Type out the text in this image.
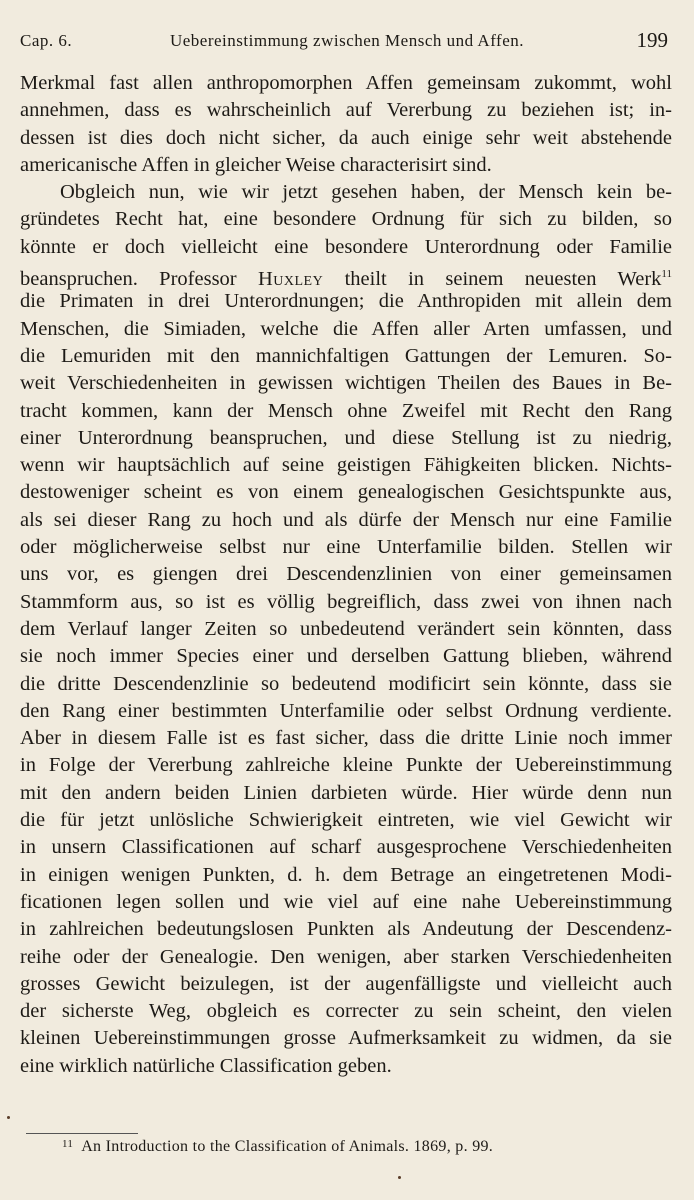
Cap. 6.	Uebereinstimmung zwischen Mensch und Affen.	199
Merkmal fast allen anthropomorphen Affen gemeinsam zukommt, wohl
annehmen, dass es wahrscheinlich auf Vererbung zu beziehen ist; in-
dessen ist dies doch nicht sicher, da auch einige sehr weit abstehende
americanische Affen in gleicher Weise characterisirt sind.
Obgleich nun, wie wir jetzt gesehen haben, der Mensch kein be-
gründetes Recht hat, eine besondere Ordnung für sich zu bilden, so
könnte er doch vielleicht eine besondere Unterordnung oder Familie
beanspruchen. Professor Huxley theilt in seinem neuesten Werk$^{11}$
die Primaten in drei Unterordnungen; die Anthropiden mit allein dem
Menschen, die Simiaden, welche die Affen aller Arten umfassen, und
die Lemuriden mit den mannichfaltigen Gattungen der Lemuren. So-
weit Verschiedenheiten in gewissen wichtigen Theilen des Baues in Be-
tracht kommen, kann der Mensch ohne Zweifel mit Recht den Rang
einer Unterordnung beanspruchen, und diese Stellung ist zu niedrig,
wenn wir hauptsächlich auf seine geistigen Fähigkeiten blicken. Nichts-
destoweniger scheint es von einem genealogischen Gesichtspunkte aus,
als sei dieser Rang zu hoch und als dürfe der Mensch nur eine Familie
oder möglicherweise selbst nur eine Unterfamilie bilden. Stellen wir
uns vor, es giengen drei Descendenzlinien von einer gemeinsamen
Stammform aus, so ist es völlig begreiflich, dass zwei von ihnen nach
dem Verlauf langer Zeiten so unbedeutend verändert sein könnten, dass
sie noch immer Species einer und derselben Gattung blieben, während
die dritte Descendenzlinie so bedeutend modificirt sein könnte, dass sie
den Rang einer bestimmten Unterfamilie oder selbst Ordnung verdiente.
Aber in diesem Falle ist es fast sicher, dass die dritte Linie noch immer
in Folge der Vererbung zahlreiche kleine Punkte der Uebereinstimmung
mit den andern beiden Linien darbieten würde. Hier würde denn nun
die für jetzt unlösliche Schwierigkeit eintreten, wie viel Gewicht wir
in unsern Classificationen auf scharf ausgesprochene Verschiedenheiten
in einigen wenigen Punkten, d. h. dem Betrage an eingetretenen Modi-
ficationen legen sollen und wie viel auf eine nahe Uebereinstimmung
in zahlreichen bedeutungslosen Punkten als Andeutung der Descendenz-
reihe oder der Genealogie. Den wenigen, aber starken Verschiedenheiten
grosses Gewicht beizulegen, ist der augenfälligste und vielleicht auch
der sicherste Weg, obgleich es correcter zu sein scheint, den vielen
kleinen Uebereinstimmungen grosse Aufmerksamkeit zu widmen, da sie
eine wirklich natürliche Classification geben.
$^{11}$ An Introduction to the Classification of Animals. 1869, p. 99.
